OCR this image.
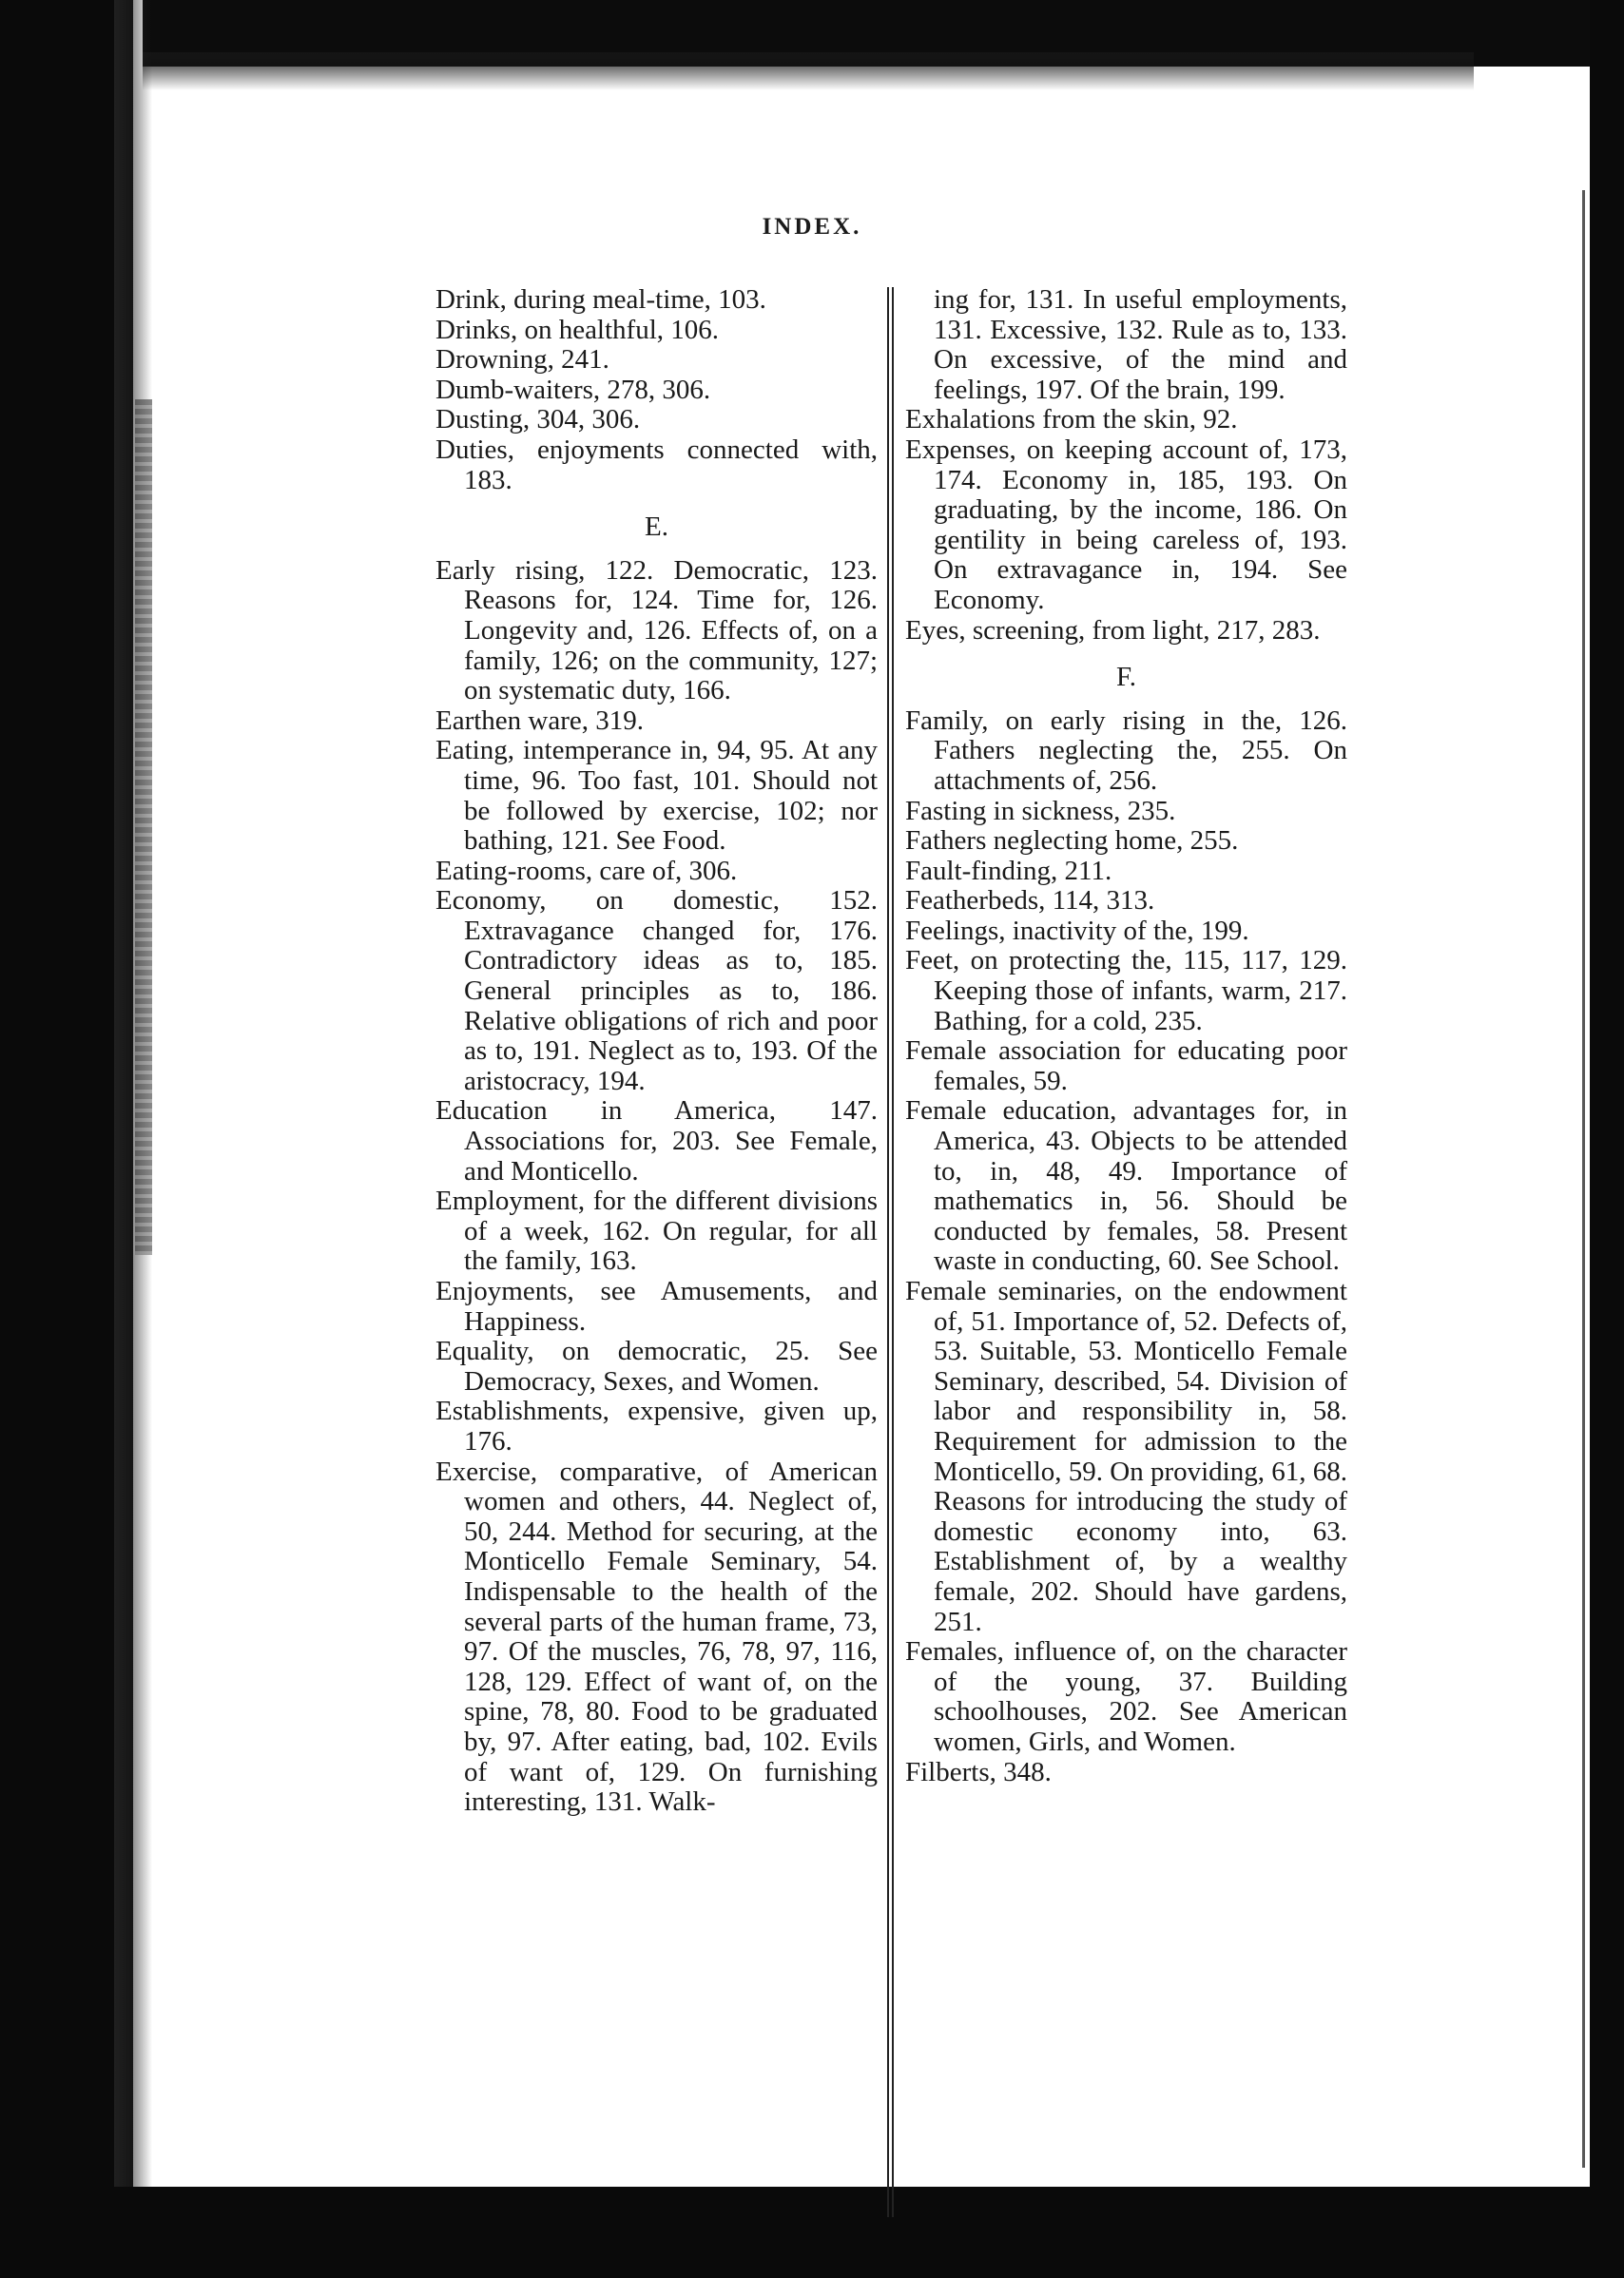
INDEX.

Drink, during meal-time, 103.

Drinks, on healthful, 106.

Drowning, 241.

Dumb-waiters, 278, 306.

Dusting, 304, 306.

Duties, enjoyments connected with, 183.

E.

Early rising, 122. Democratic, 123. Reasons for, 124. Time for, 126. Longevity and, 126. Effects of, on a family, 126; on the community, 127; on systematic duty, 166.

Earthen ware, 319.

Eating, intemperance in, 94, 95. At any time, 96. Too fast, 101. Should not be followed by exercise, 102; nor bathing, 121. See Food.

Eating-rooms, care of, 306.

Economy, on domestic, 152. Extravagance changed for, 176. Contradictory ideas as to, 185. General principles as to, 186. Relative obligations of rich and poor as to, 191. Neglect as to, 193. Of the aristocracy, 194.

Education in America, 147. Associations for, 203. See Female, and Monticello.

Employment, for the different divisions of a week, 162. On regular, for all the family, 163.

Enjoyments, see Amusements, and Happiness.

Equality, on democratic, 25. See Democracy, Sexes, and Women.

Establishments, expensive, given up, 176.

Exercise, comparative, of American women and others, 44. Neglect of, 50, 244. Method for securing, at the Monticello Female Seminary, 54. Indispensable to the health of the several parts of the human frame, 73, 97. Of the muscles, 76, 78, 97, 116, 128, 129. Effect of want of, on the spine, 78, 80. Food to be graduated by, 97. After eating, bad, 102. Evils of want of, 129. On furnishing interesting, 131. Walk-

ing for, 131. In useful employments, 131. Excessive, 132. Rule as to, 133. On excessive, of the mind and feelings, 197. Of the brain, 199.

Exhalations from the skin, 92.

Expenses, on keeping account of, 173, 174. Economy in, 185, 193. On graduating, by the income, 186. On gentility in being careless of, 193. On extravagance in, 194. See Economy.

Eyes, screening, from light, 217, 283.

F.

Family, on early rising in the, 126. Fathers neglecting the, 255. On attachments of, 256.

Fasting in sickness, 235.

Fathers neglecting home, 255.

Fault-finding, 211.

Featherbeds, 114, 313.

Feelings, inactivity of the, 199.

Feet, on protecting the, 115, 117, 129. Keeping those of infants, warm, 217. Bathing, for a cold, 235.

Female association for educating poor females, 59.

Female education, advantages for, in America, 43. Objects to be attended to, in, 48, 49. Importance of mathematics in, 56. Should be conducted by females, 58. Present waste in conducting, 60. See School.

Female seminaries, on the endowment of, 51. Importance of, 52. Defects of, 53. Suitable, 53. Monticello Female Seminary, described, 54. Division of labor and responsibility in, 58. Requirement for admission to the Monticello, 59. On providing, 61, 68. Reasons for introducing the study of domestic economy into, 63. Establishment of, by a wealthy female, 202. Should have gardens, 251.

Females, influence of, on the character of the young, 37. Building schoolhouses, 202. See American women, Girls, and Women.

Filberts, 348.
